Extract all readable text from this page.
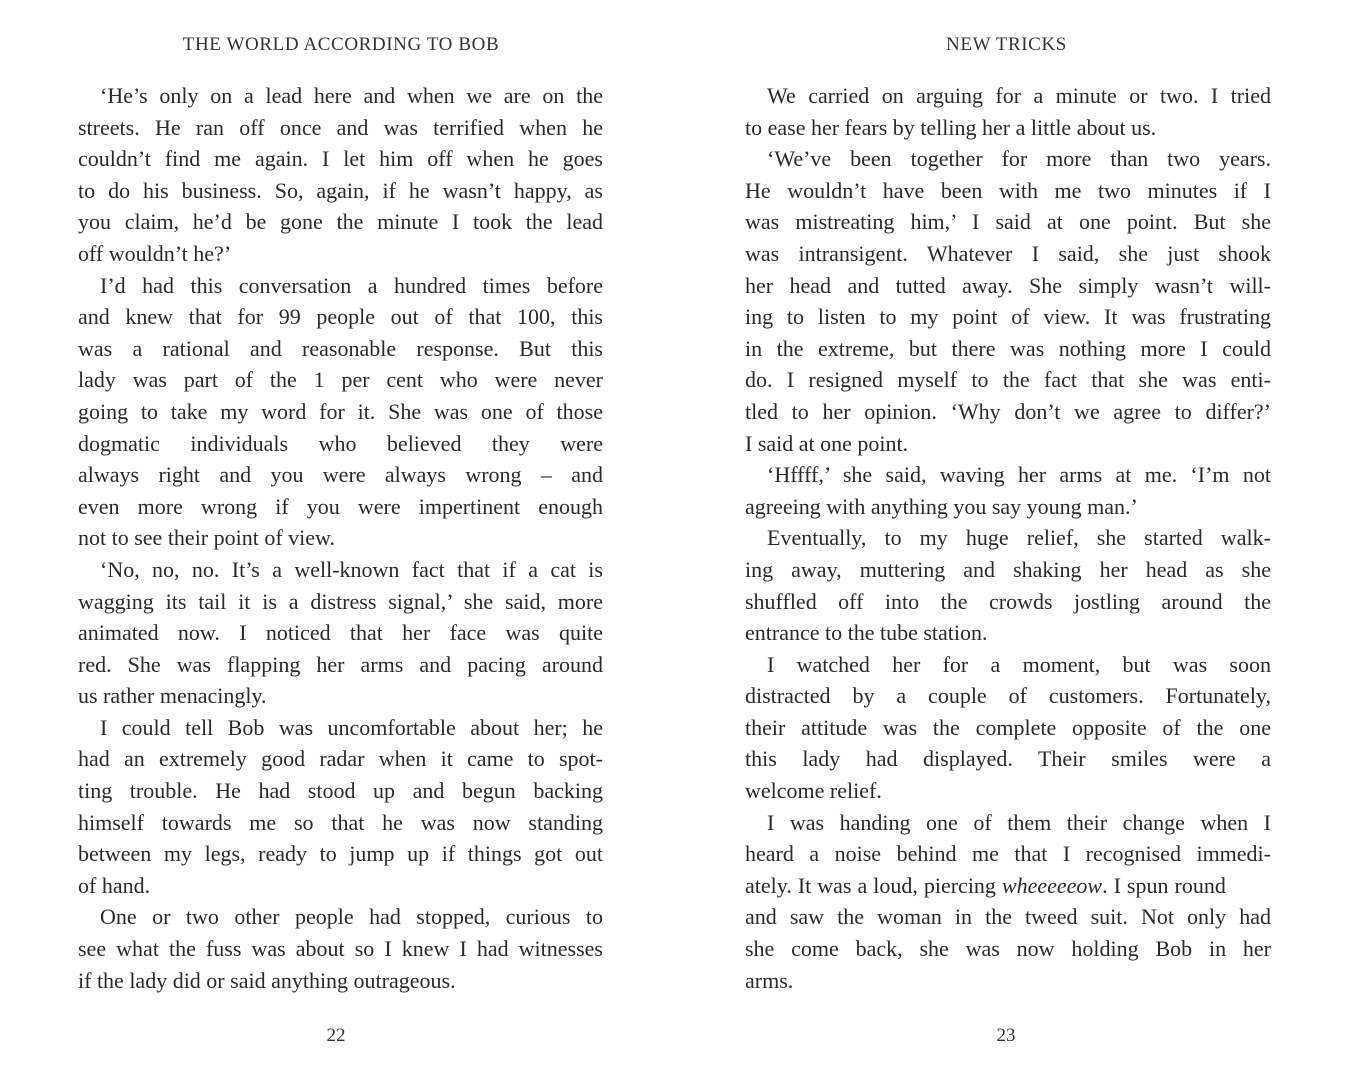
THE WORLD ACCORDING TO BOB
‘He’s only on a lead here and when we are on the
streets. He ran off once and was terrified when he
couldn’t find me again. I let him off when he goes
to do his business. So, again, if he wasn’t happy, as
you claim, he’d be gone the minute I took the lead
off wouldn’t he?’
I’d had this conversation a hundred times before
and knew that for 99 people out of that 100, this
was a rational and reasonable response. But this
lady was part of the 1 per cent who were never
going to take my word for it. She was one of those
dogmatic individuals who believed they were
always right and you were always wrong – and
even more wrong if you were impertinent enough
not to see their point of view.
‘No, no, no. It’s a well-known fact that if a cat is
wagging its tail it is a distress signal,’ she said, more
animated now. I noticed that her face was quite
red. She was flapping her arms and pacing around
us rather menacingly.
I could tell Bob was uncomfortable about her; he
had an extremely good radar when it came to spot-
ting trouble. He had stood up and begun backing
himself towards me so that he was now standing
between my legs, ready to jump up if things got out
of hand.
One or two other people had stopped, curious to
see what the fuss was about so I knew I had witnesses
if the lady did or said anything outrageous.
22
NEW TRICKS
We carried on arguing for a minute or two. I tried
to ease her fears by telling her a little about us.
‘We’ve been together for more than two years.
He wouldn’t have been with me two minutes if I
was mistreating him,’ I said at one point. But she
was intransigent. Whatever I said, she just shook
her head and tutted away. She simply wasn’t will-
ing to listen to my point of view. It was frustrating
in the extreme, but there was nothing more I could
do. I resigned myself to the fact that she was enti-
tled to her opinion. ‘Why don’t we agree to differ?’
I said at one point.
‘Hffff,’ she said, waving her arms at me. ‘I’m not
agreeing with anything you say young man.’
Eventually, to my huge relief, she started walk-
ing away, muttering and shaking her head as she
shuffled off into the crowds jostling around the
entrance to the tube station.
I watched her for a moment, but was soon
distracted by a couple of customers. Fortunately,
their attitude was the complete opposite of the one
this lady had displayed. Their smiles were a
welcome relief.
I was handing one of them their change when I
heard a noise behind me that I recognised immedi-
ately. It was a loud, piercing wheeeeeow. I spun round
and saw the woman in the tweed suit. Not only had
she come back, she was now holding Bob in her
arms.
23
